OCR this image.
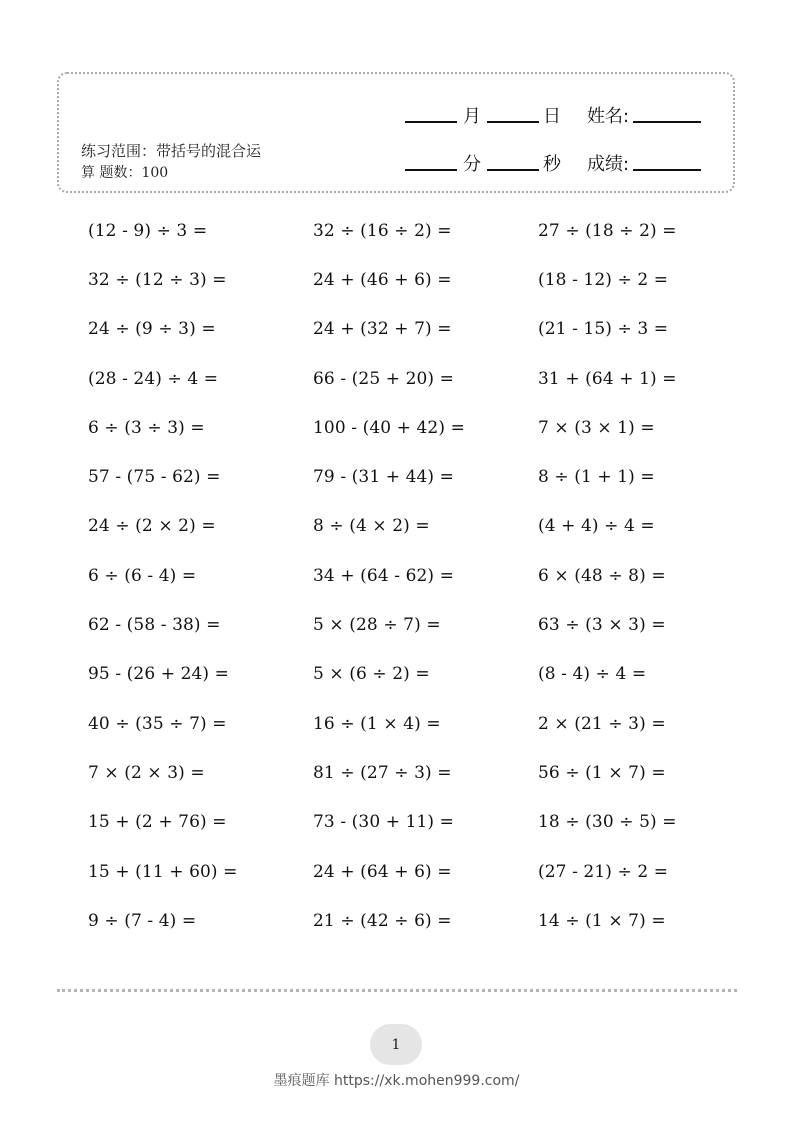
练习范围：带括号的混合运
算 题数：100
月	日 姓名:
分	秒 成绩:
(12 - 9) ÷ 3 =	32 ÷ (16 ÷ 2) =	27 ÷ (18 ÷ 2) =
32 ÷ (12 ÷ 3) =	24 + (46 + 6) =	(18 - 12) ÷ 2 =
24 ÷ (9 ÷ 3) =	24 + (32 + 7) =	(21 - 15) ÷ 3 =
(28 - 24) ÷ 4 =	66 - (25 + 20) =	31 + (64 + 1) =
6 ÷ (3 ÷ 3) =	100 - (40 + 42) =	7 × (3 × 1) =
57 - (75 - 62) =	79 - (31 + 44) =	8 ÷ (1 + 1) =
24 ÷ (2 × 2) =	8 ÷ (4 × 2) =	(4 + 4) ÷ 4 =
6 ÷ (6 - 4) =	34 + (64 - 62) =	6 × (48 ÷ 8) =
62 - (58 - 38) =	5 × (28 ÷ 7) =	63 ÷ (3 × 3) =
95 - (26 + 24) =	5 × (6 ÷ 2) =	(8 - 4) ÷ 4 =
40 ÷ (35 ÷ 7) =	16 ÷ (1 × 4) =	2 × (21 ÷ 3) =
7 × (2 × 3) =	81 ÷ (27 ÷ 3) =	56 ÷ (1 × 7) =
15 + (2 + 76) =	73 - (30 + 11) =	18 ÷ (30 ÷ 5) =
15 + (11 + 60) =	24 + (64 + 6) =	(27 - 21) ÷ 2 =
9 ÷ (7 - 4) =	21 ÷ (42 ÷ 6) =	14 ÷ (1 × 7) =
1
墨痕题库 https://xk.mohen999.com/
